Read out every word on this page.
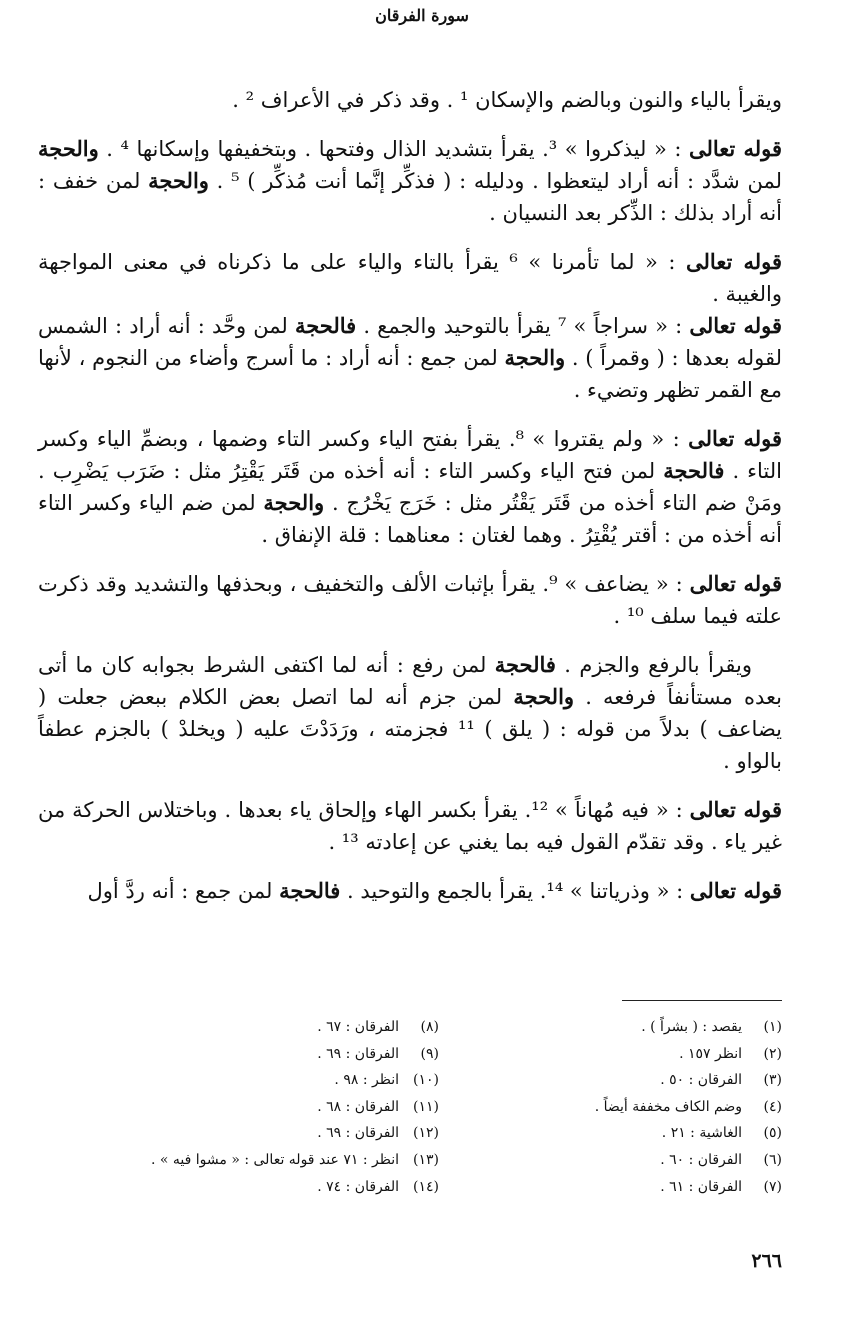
سورة الفرقان

ويقرأ بالياء والنون وبالضم والإسكان ¹ . وقد ذكر في الأعراف ² .

قوله تعالى : « ليذكروا » ³. يقرأ بتشديد الذال وفتحها . وبتخفيفها وإسكانها ⁴ . والحجة لمن شدَّد : أنه أراد ليتعظوا . ودليله : ( فذكِّر إنَّما أنت مُذكِّر ) ⁵ . والحجة لمن خفف : أنه أراد بذلك : الذِّكر بعد النسيان .

قوله تعالى : « لما تأمرنا » ⁶ يقرأ بالتاء والياء على ما ذكرناه في معنى المواجهة والغيبة .

قوله تعالى : « سراجاً » ⁷ يقرأ بالتوحيد والجمع . فالحجة لمن وحَّد : أنه أراد : الشمس لقوله بعدها : ( وقمراً ) . والحجة لمن جمع : أنه أراد : ما أسرج وأضاء من النجوم ، لأنها مع القمر تظهر وتضيء .

قوله تعالى : « ولم يقتروا » ⁸. يقرأ بفتح الياء وكسر التاء وضمها ، وبضمِّ الياء وكسر التاء . فالحجة لمن فتح الياء وكسر التاء : أنه أخذه من قَتَر يَقْتِرُ مثل : ضَرَب يَضْرِب . ومَنْ ضم التاء أخذه من قَتَر يَقْتُر مثل : خَرَج يَخْرُج . والحجة لمن ضم الياء وكسر التاء أنه أخذه من : أقتر يُقْتِرُ . وهما لغتان : معناهما : قلة الإنفاق .

قوله تعالى : « يضاعف » ⁹. يقرأ بإثبات الألف والتخفيف ، وبحذفها والتشديد وقد ذكرت علته فيما سلف ¹⁰ .

ويقرأ بالرفع والجزم . فالحجة لمن رفع : أنه لما اكتفى الشرط بجوابه كان ما أتى بعده مستأنفاً فرفعه . والحجة لمن جزم أنه لما اتصل بعض الكلام ببعض جعلت ( يضاعف ) بدلاً من قوله : ( يلق ) ¹¹ فجزمته ، ورَدَدْتَ عليه ( ويخلدْ ) بالجزم عطفاً بالواو .

قوله تعالى : « فيه مُهاناً » ¹². يقرأ بكسر الهاء وإلحاق ياء بعدها . وباختلاس الحركة من غير ياء . وقد تقدّم القول فيه بما يغني عن إعادته ¹³ .

قوله تعالى : « وذرياتنا » ¹⁴. يقرأ بالجمع والتوحيد . فالحجة لمن جمع : أنه ردَّ أول

(١)يقصد : ( بشراً ) .
(٢)انظر ١٥٧ .
(٣)الفرقان : ٥٠ .
(٤)وضم الكاف مخففة أيضاً .
(٥)الغاشية : ٢١ .
(٦)الفرقان : ٦٠ .
(٧)الفرقان : ٦١ .
(٨)الفرقان : ٦٧ .
(٩)الفرقان : ٦٩ .
(١٠)انظر : ٩٨ .
(١١)الفرقان : ٦٨ .
(١٢)الفرقان : ٦٩ .
(١٣)انظر : ٧١ عند قوله تعالى : « مشوا فيه » .
(١٤)الفرقان : ٧٤ .
٢٦٦
